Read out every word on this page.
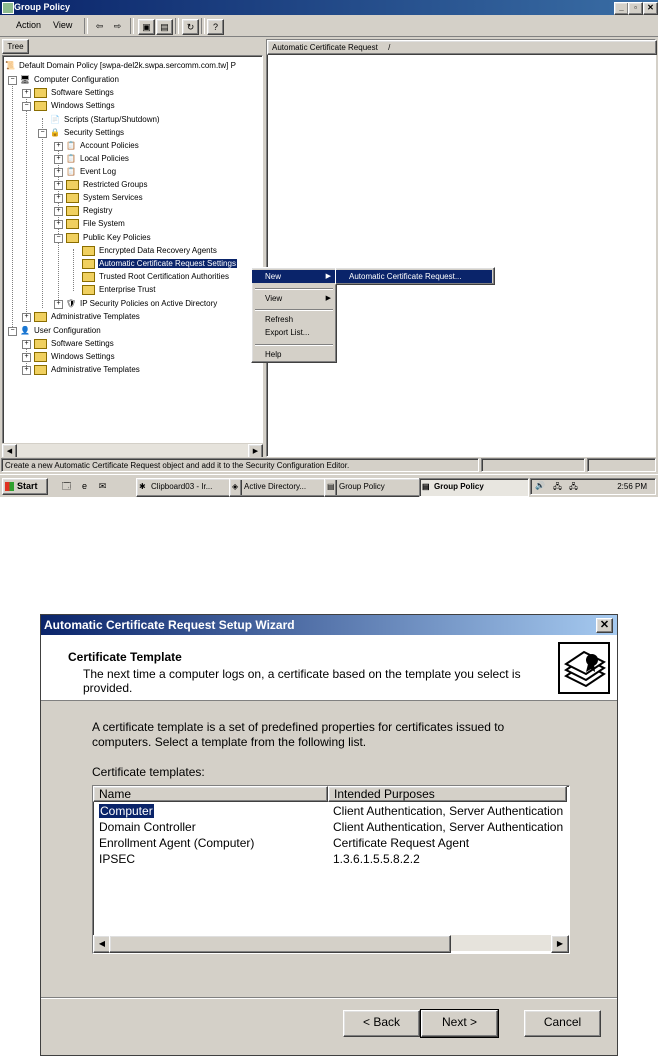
Group Policy	_	▫	✕
Action View	⇦	⇨	▣	▤	↻	?
Tree
📜 Default Domain Policy [swpa-del2k.swpa.sercomm.com.tw] P
− 🖥 Computer Configuration
+	Software Settings
−	Windows Settings
📄 Scripts (Startup/Shutdown)
− 🔒 Security Settings
+ 📋 Account Policies
+ 📋 Local Policies
+ 📋 Event Log
+	Restricted Groups
+	System Services
+	Registry
+	File System
−	Public Key Policies
Encrypted Data Recovery Agents
Automatic Certificate Request Settings
Trusted Root Certification Authorities
Enterprise Trust
+ 🛡 IP Security Policies on Active Directory
+	Administrative Templates
− 👤 User Configuration
+	Software Settings
+	Windows Settings
+	Administrative Templates
◀	▶
Automatic Certificate Request /
New	▶
View	▶
Refresh
Export List...
Help
Automatic Certificate Request...
Create a new Automatic Certificate Request object and add it to the Security Configuration Editor.
Start	🗔	e	✉	✱ Clipboard03 - Ir...	◈ Active Directory...	▤ Group Policy	▤ Group Policy	🔊 🖧 🖧	2:56 PM
Automatic Certificate Request Setup Wizard	✕
Certificate Template
The next time a computer logs on, a certificate based on the template you select is provided.
A certificate template is a set of predefined properties for certificates issued to computers. Select a template from the following list.
Certificate templates:
Name	Intended Purposes
Computer	Client Authentication, Server Authentication
Domain Controller	Client Authentication, Server Authentication
Enrollment Agent (Computer)	Certificate Request Agent
IPSEC	1.3.6.1.5.5.8.2.2
◀	▶
< Back	Next >	Cancel
